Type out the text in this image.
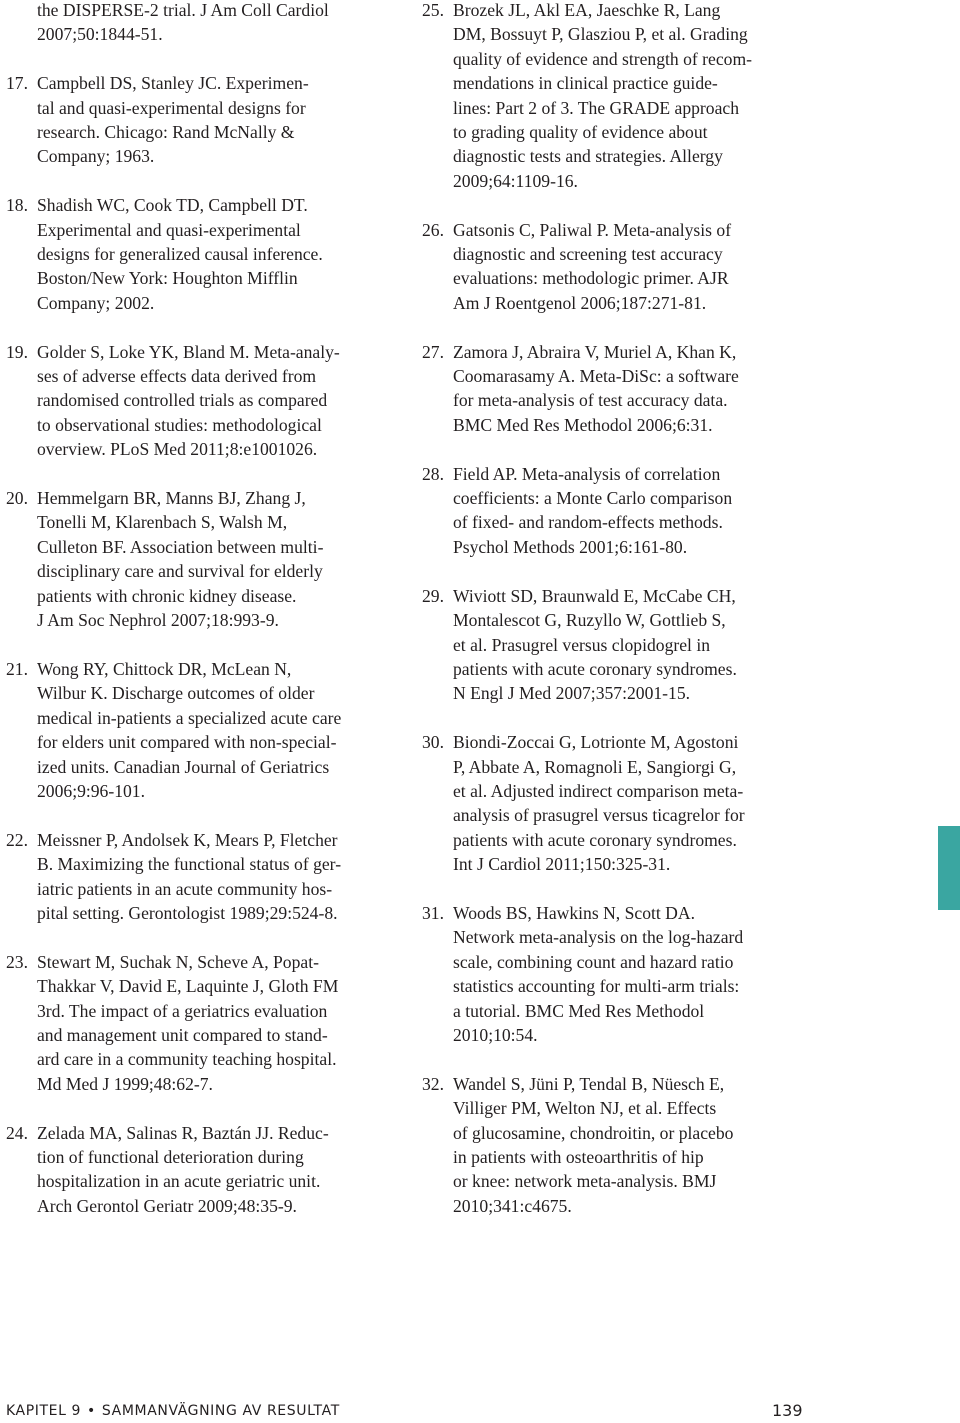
the DISPERSE-2 trial. J Am Coll Cardiol
2007;50:1844-51.
17. Campbell DS, Stanley JC. Experimen-
tal and quasi-experimental designs for
research. Chicago: Rand McNally &
Company; 1963.
18. Shadish WC, Cook TD, Campbell DT.
Experimental and quasi-experimental
designs for generalized causal inference.
Boston/New York: Houghton Mifflin
Company; 2002.
19. Golder S, Loke YK, Bland M. Meta-analy-
ses of adverse effects data derived from
randomised controlled trials as compared
to observational studies: methodological
overview. PLoS Med 2011;8:e1001026.
20. Hemmelgarn BR, Manns BJ, Zhang J,
Tonelli M, Klarenbach S, Walsh M,
Culleton BF. Association between multi-
disciplinary care and survival for elderly
patients with chronic kidney disease.
J Am Soc Nephrol 2007;18:993-9.
21. Wong RY, Chittock DR, McLean N,
Wilbur K. Discharge outcomes of older
medical in-patients a specialized acute care
for elders unit compared with non-special-
ized units. Canadian Journal of Geriatrics
2006;9:96-101.
22. Meissner P, Andolsek K, Mears P, Fletcher
B. Maximizing the functional status of ger-
iatric patients in an acute community hos-
pital setting. Gerontologist 1989;29:524-8.
23. Stewart M, Suchak N, Scheve A, Popat-
Thakkar V, David E, Laquinte J, Gloth FM
3rd. The impact of a geriatrics evaluation
and management unit compared to stand-
ard care in a community teaching hospital.
Md Med J 1999;48:62-7.
24. Zelada MA, Salinas R, Baztán JJ. Reduc-
tion of functional deterioration during
hospitalization in an acute geriatric unit.
Arch Gerontol Geriatr 2009;48:35-9.
25. Brozek JL, Akl EA, Jaeschke R, Lang
DM, Bossuyt P, Glasziou P, et al. Grading
quality of evidence and strength of recom-
mendations in clinical practice guide-
lines: Part 2 of 3. The GRADE approach
to grading quality of evidence about
diagnostic tests and strategies. Allergy
2009;64:1109-16.
26. Gatsonis C, Paliwal P. Meta-analysis of
diagnostic and screening test accuracy
evaluations: methodologic primer. AJR
Am J Roentgenol 2006;187:271-81.
27. Zamora J, Abraira V, Muriel A, Khan K,
Coomarasamy A. Meta-DiSc: a software
for meta-analysis of test accuracy data.
BMC Med Res Methodol 2006;6:31.
28. Field AP. Meta-analysis of correlation
coefficients: a Monte Carlo comparison
of fixed- and random-effects methods.
Psychol Methods 2001;6:161-80.
29. Wiviott SD, Braunwald E, McCabe CH,
Montalescot G, Ruzyllo W, Gottlieb S,
et al. Prasugrel versus clopidogrel in
patients with acute coronary syndromes.
N Engl J Med 2007;357:2001-15.
30. Biondi-Zoccai G, Lotrionte M, Agostoni
P, Abbate A, Romagnoli E, Sangiorgi G,
et al. Adjusted indirect comparison meta-
analysis of prasugrel versus ticagrelor for
patients with acute coronary syndromes.
Int J Cardiol 2011;150:325-31.
31. Woods BS, Hawkins N, Scott DA.
Network meta-analysis on the log-hazard
scale, combining count and hazard ratio
statistics accounting for multi-arm trials:
a tutorial. BMC Med Res Methodol
2010;10:54.
32. Wandel S, Jüni P, Tendal B, Nüesch E,
Villiger PM, Welton NJ, et al. Effects
of glucosamine, chondroitin, or placebo
in patients with osteoarthritis of hip
or knee: network meta-analysis. BMJ
2010;341:c4675.
KAPITEL 9 • SAMMANVÄGNING AV RESULTAT	139
